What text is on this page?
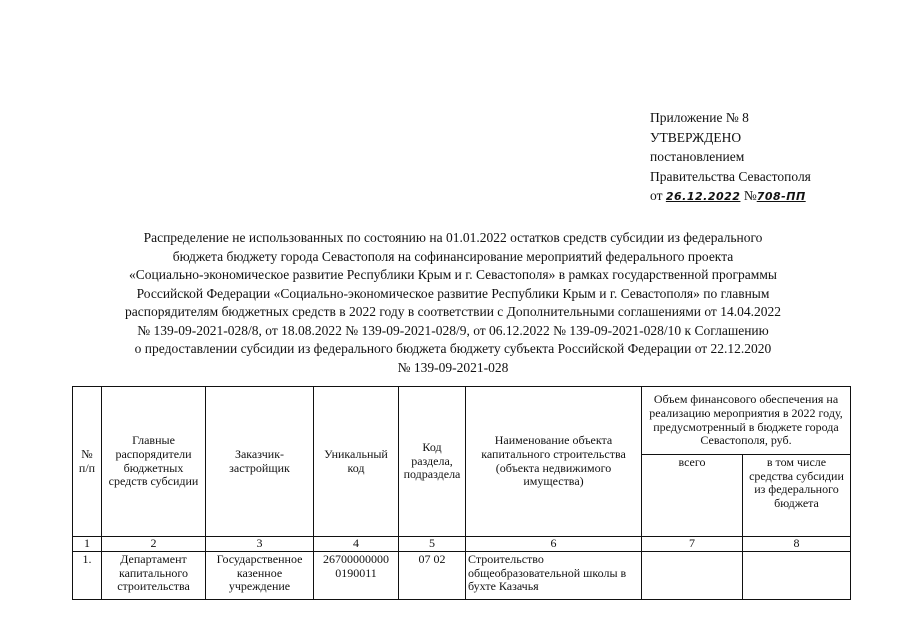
Приложение № 8
УТВЕРЖДЕНО
постановлением
Правительства Севастополя
от 26.12.2022 №708-ПП
Распределение не использованных по состоянию на 01.01.2022 остатков средств субсидии из федерального
бюджета бюджету города Севастополя на софинансирование мероприятий федерального проекта
«Социально-экономическое развитие Республики Крым и г. Севастополя» в рамках государственной программы
Российской Федерации «Социально-экономическое развитие Республики Крым и г. Севастополя» по главным
распорядителям бюджетных средств в 2022 году в соответствии с Дополнительными соглашениями от 14.04.2022
№ 139-09-2021-028/8, от 18.08.2022 № 139-09-2021-028/9, от 06.12.2022 № 139-09-2021-028/10 к Соглашению
о предоставлении субсидии из федерального бюджета бюджету субъекта Российской Федерации от 22.12.2020
№ 139-09-2021-028
№ п/п	Главные распорядители бюджетных средств субсидии	Заказчик-застройщик	Уникальный код	Код раздела, подраздела	Наименование объекта капитального строительства (объекта недвижимого имущества)	Объем финансового обеспечения на реализацию мероприятия в 2022 году, предусмотренный в бюджете города Севастополя, руб.	
						всего	в том числе средства субсидии из федерального бюджета
1	2	3	4	5	6	7	8
1.	Департамент капитального строительства	Государственное казенное учреждение	26700000000 0190011	07 02	Строительство общеобразовательной школы в бухте Казачья		
